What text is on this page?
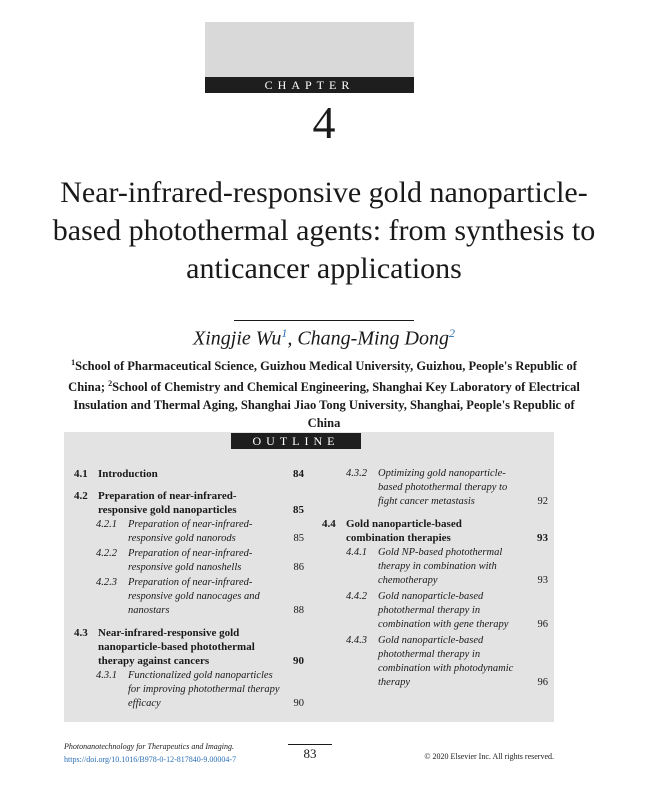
CHAPTER
4
Near-infrared-responsive gold nanoparticle-based photothermal agents: from synthesis to anticancer applications
Xingjie Wu$^1$, Chang-Ming Dong$^2$
$^1$School of Pharmaceutical Science, Guizhou Medical University, Guizhou, People's Republic of China; $^2$School of Chemistry and Chemical Engineering, Shanghai Key Laboratory of Electrical Insulation and Thermal Aging, Shanghai Jiao Tong University, Shanghai, People's Republic of China
OUTLINE
4.1 Introduction	84
4.2 Preparation of near-infrared-responsive gold nanoparticles	85
4.2.1	Preparation of near-infrared-responsive gold nanorods	85
4.2.2	Preparation of near-infrared-responsive gold nanoshells	86
4.2.3	Preparation of near-infrared-responsive gold nanocages and nanostars	88
4.3 Near-infrared-responsive gold nanoparticle-based photothermal therapy against cancers	90
4.3.1	Functionalized gold nanoparticles for improving photothermal therapy efficacy	90
4.3.2	Optimizing gold nanoparticle-based photothermal therapy to fight cancer metastasis	92
4.4 Gold nanoparticle-based combination therapies	93
4.4.1	Gold NP-based photothermal therapy in combination with chemotherapy	93
4.4.2	Gold nanoparticle-based photothermal therapy in combination with gene therapy	96
4.4.3	Gold nanoparticle-based photothermal therapy in combination with photodynamic therapy	96
Photonanotechnology for Therapeutics and Imaging.
https://doi.org/10.1016/B978-0-12-817840-9.00004-7	83	© 2020 Elsevier Inc. All rights reserved.
